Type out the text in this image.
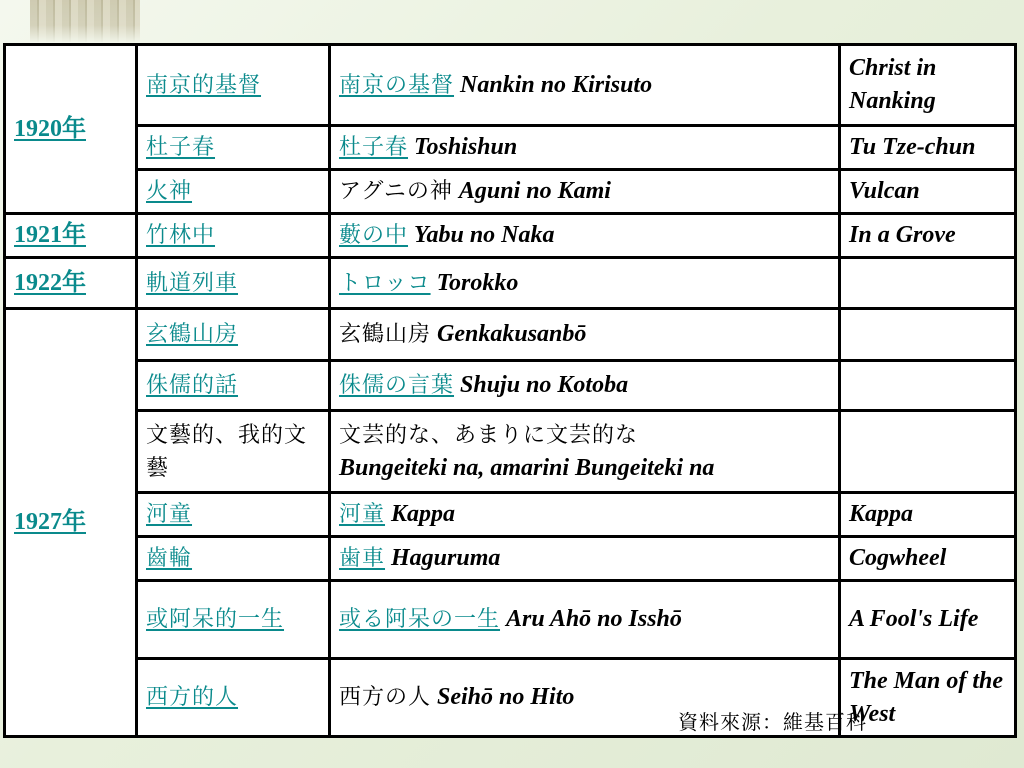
1920年	南京的基督	南京の基督 Nankin no Kirisuto	Christ in Nanking
	杜子春	杜子春 Toshishun	Tu Tze-chun
	火神	アグニの神 Aguni no Kami	Vulcan
1921年	竹林中	藪の中 Yabu no Naka	In a Grove
1922年	軌道列車	トロッコ Torokko	
1927年	玄鶴山房	玄鶴山房 Genkakusanbō	
	侏儒的話	侏儒の言葉 Shuju no Kotoba	
	文藝的、我的文藝	文芸的な、あまりに文芸的な
Bungeiteki na, amarini Bungeiteki na	
	河童	河童 Kappa	Kappa
	齒輪	歯車 Haguruma	Cogwheel
	或阿呆的一生	或る阿呆の一生 Aru Ahō no Isshō	A Fool's Life
	西方的人	西方の人 Seihō no Hito	The Man of the West
資料來源：維基百科
